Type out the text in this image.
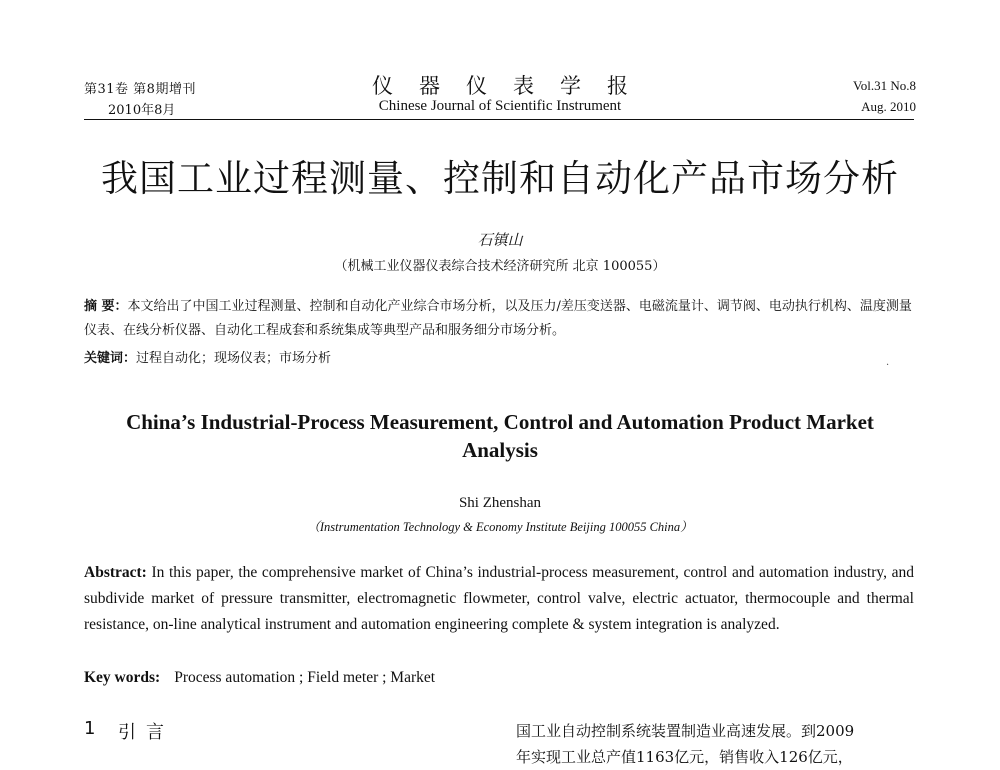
第31卷 第8期增刊
2010年8月
仪器仪表学报
Chinese Journal of Scientific Instrument
Vol.31 No.8
Aug. 2010
我国工业过程测量、控制和自动化产品市场分析
石镇山
（机械工业仪器仪表综合技术经济研究所 北京 100055）
摘 要：本文给出了中国工业过程测量、控制和自动化产业综合市场分析，以及压力/差压变送器、电磁流量计、调节阀、电动执行机构、温度测量仪表、在线分析仪器、自动化工程成套和系统集成等典型产品和服务细分市场分析。
关键词：过程自动化；现场仪表；市场分析	·
China’s Industrial-Process Measurement, Control and Automation Product Market Analysis
Shi Zhenshan
（Instrumentation Technology & Economy Institute Beijing 100055 China）
Abstract: In this paper, the comprehensive market of China’s industrial-process measurement, control and automation industry, and subdivide market of pressure transmitter, electromagnetic flowmeter, control valve, electric actuator, thermocouple and thermal resistance, on-line analytical instrument and automation engineering complete & system integration is analyzed.
Key words: Process automation ; Field meter ; Market
1 引言	国工业自动控制系统装置制造业高速发展。到2009
年实现工业总产值1163亿元，销售收入126亿元，
